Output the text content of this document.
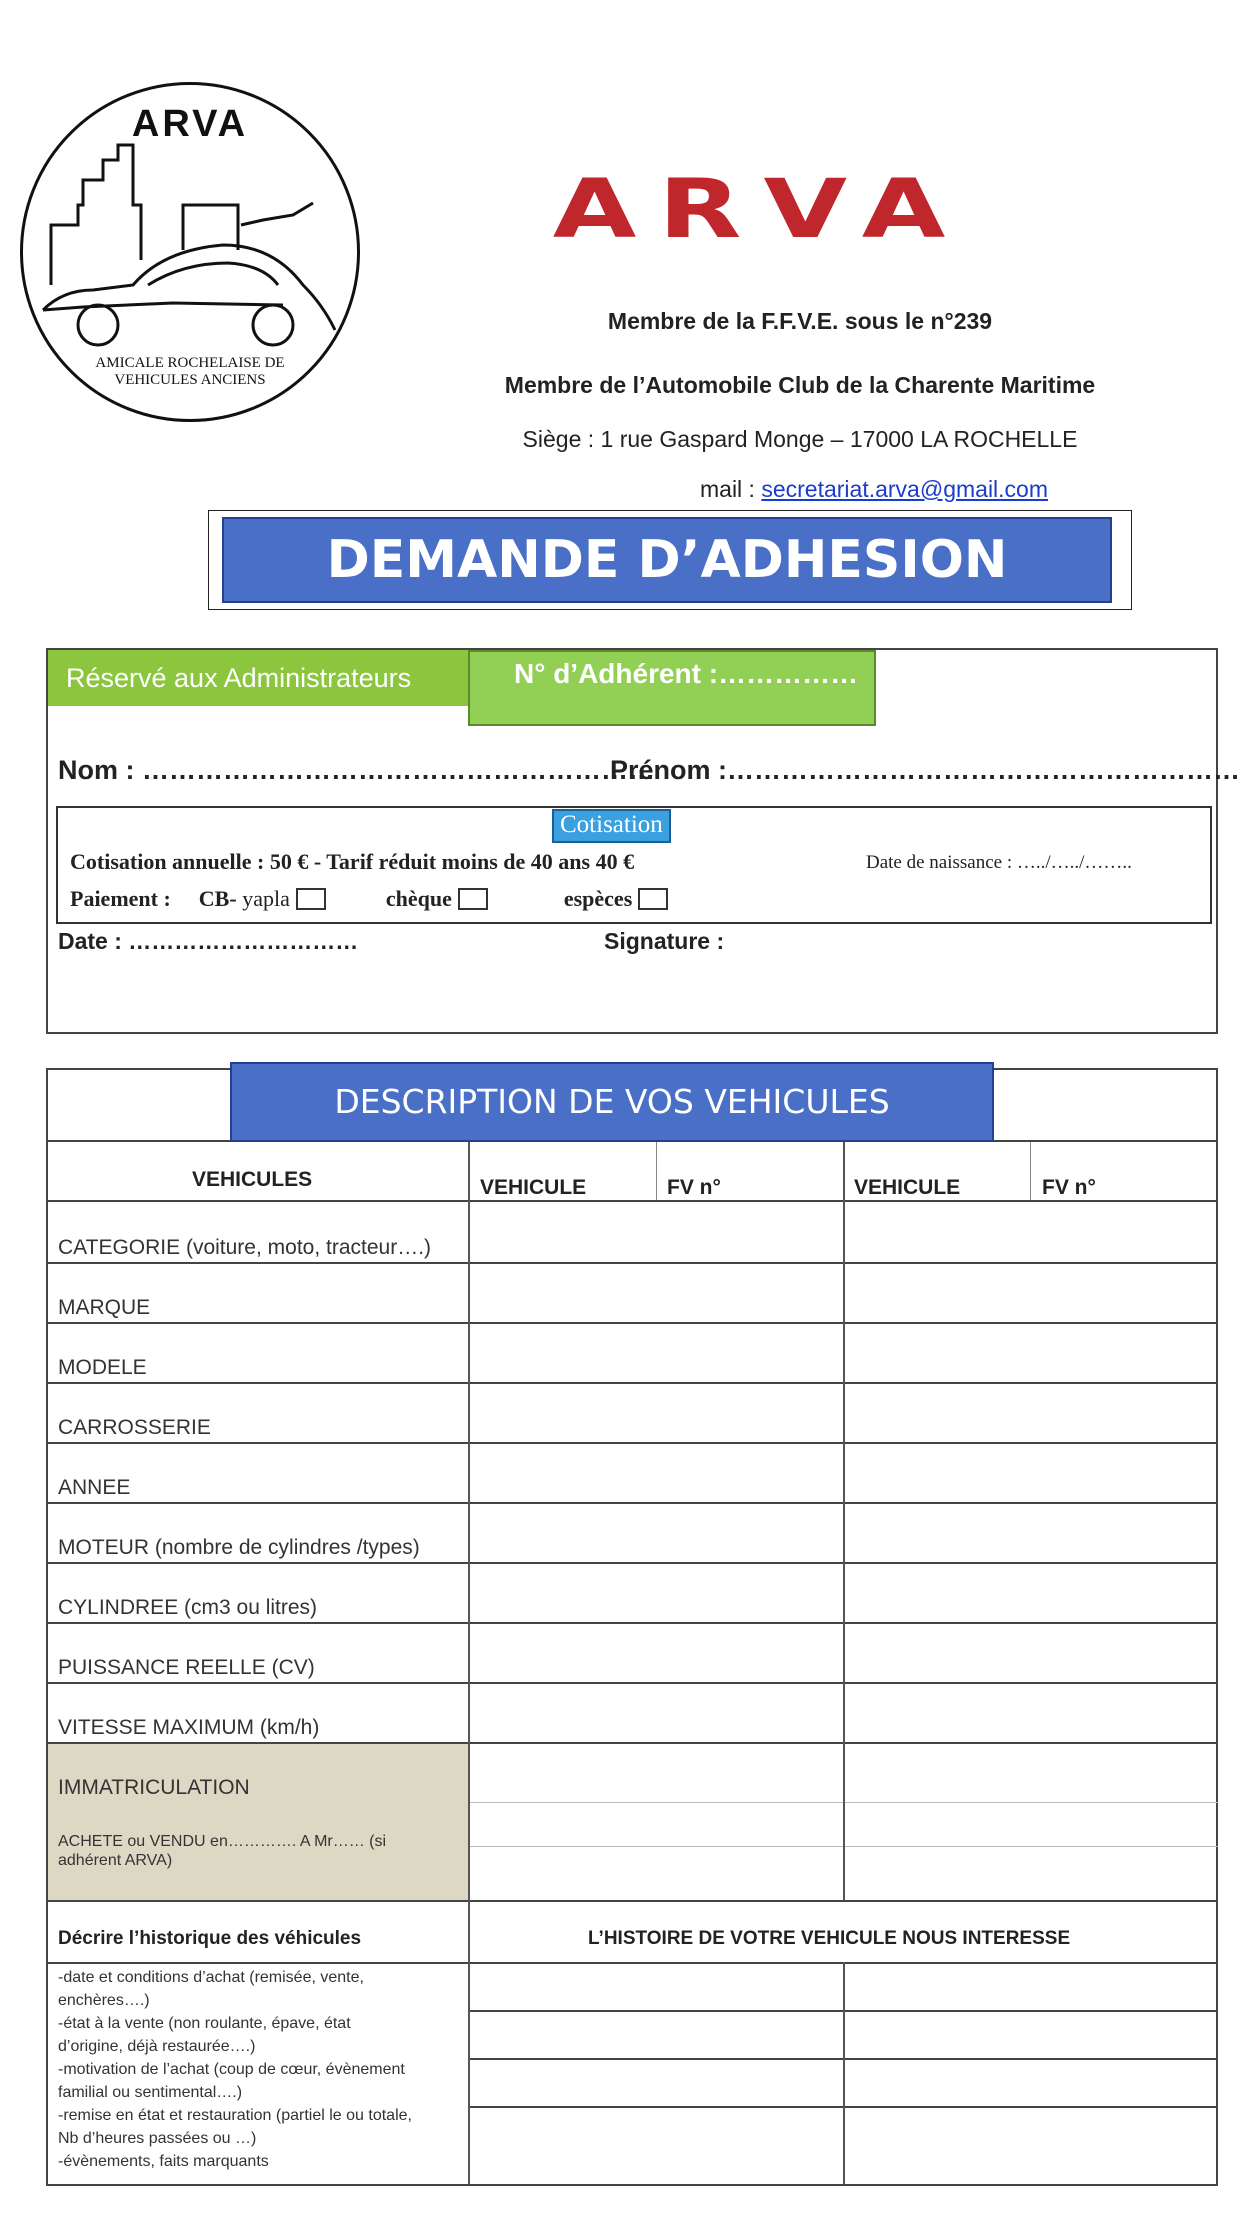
ARVA
AMICALE ROCHELAISE DE
VEHICULES ANCIENS
ARVA
Membre de la F.F.V.E. sous le n°239
Membre de l’Automobile Club de la Charente Maritime
Siège : 1 rue Gaspard Monge – 17000 LA ROCHELLE
mail : secretariat.arva@gmail.com
DEMANDE D’ADHESION
Réservé aux Administrateurs	N° d’Adhérent :……………
Nom : …………………………………………………
Prénom :…………………………………………………
Cotisation
Cotisation annuelle : 50 € - Tarif réduit moins de 40 ans 40 €	Date de naissance : …../…../……..
Paiement : CB- yapla	chèque	espèces
Date : …………………………	Signature :
DESCRIPTION DE VOS VEHICULES
VEHICULES	VEHICULE	FV n°	VEHICULE	FV n°
CATEGORIE (voiture, moto, tracteur….)
MARQUE
MODELE
CARROSSERIE
ANNEE
MOTEUR (nombre de cylindres /types)
CYLINDREE (cm3 ou litres)
PUISSANCE REELLE (CV)
VITESSE MAXIMUM (km/h)
IMMATRICULATION
ACHETE ou VENDU en…………. A Mr…… (si
adhérent ARVA)
Décrire l’historique des véhicules	L’HISTOIRE DE VOTRE VEHICULE NOUS INTERESSE
-date et conditions d’achat (remisée, vente,
enchères….)
-état à la vente (non roulante, épave, état
d’origine, déjà restaurée….)
-motivation de l’achat (coup de cœur, évènement
familial ou sentimental….)
-remise en état et restauration (partiel le ou totale,
Nb d’heures passées ou …)
-évènements, faits marquants
